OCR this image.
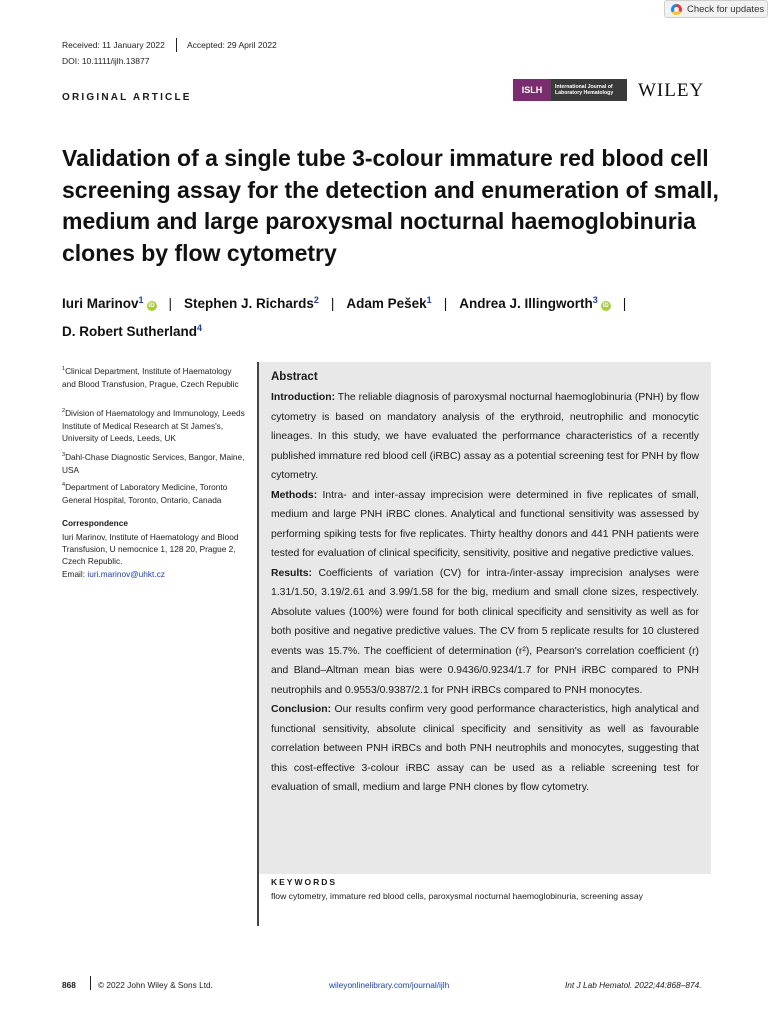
Check for updates
Received: 11 January 2022	Accepted: 29 April 2022
DOI: 10.1111/ijlh.13877
ORIGINAL ARTICLE
ISLH	International Journal of
Laboratory Hematology WILEY
Validation of a single tube 3-colour immature red blood cell screening assay for the detection and enumeration of small, medium and large paroxysmal nocturnal haemoglobinuria clones by flow cytometry
Iuri Marinov$^1$iD | Stephen J. Richards$^2$ | Adam Pešek$^1$ | Andrea J. Illingworth$^3$iD |
D. Robert Sutherland$^4$
$^1$Clinical Department, Institute of Haematology and Blood Transfusion, Prague, Czech Republic
$^2$Division of Haematology and Immunology, Leeds Institute of Medical Research at St James's, University of Leeds, Leeds, UK
$^3$Dahl-Chase Diagnostic Services, Bangor, Maine, USA
$^4$Department of Laboratory Medicine, Toronto General Hospital, Toronto, Ontario, Canada
Correspondence
Iuri Marinov, Institute of Haematology and Blood Transfusion, U nemocnice 1, 128 20, Prague 2, Czech Republic.
Email: iuri.marinov@uhkt.cz
Abstract

Introduction: The reliable diagnosis of paroxysmal nocturnal haemoglobinuria (PNH) by flow cytometry is based on mandatory analysis of the erythroid, neutrophilic and monocytic lineages. In this study, we have evaluated the performance characteristics of a recently published immature red blood cell (iRBC) assay as a potential screening test for PNH by flow cytometry.

Methods: Intra- and inter-assay imprecision were determined in five replicates of small, medium and large PNH iRBC clones. Analytical and functional sensitivity was assessed by performing spiking tests for five replicates. Thirty healthy donors and 441 PNH patients were tested for evaluation of clinical specificity, sensitivity, positive and negative predictive values.

Results: Coefficients of variation (CV) for intra-/inter-assay imprecision analyses were 1.31/1.50, 3.19/2.61 and 3.99/1.58 for the big, medium and small clone sizes, respectively. Absolute values (100%) were found for both clinical specificity and sensitivity as well as for both positive and negative predictive values. The CV from 5 replicate results for 10 clustered events was 15.7%. The coefficient of determination (r²), Pearson's correlation coefficient (r) and Bland–Altman mean bias were 0.9436/0.9234/1.7 for PNH iRBC compared to PNH neutrophils and 0.9553/0.9387/2.1 for PNH iRBCs compared to PNH monocytes.

Conclusion: Our results confirm very good performance characteristics, high analytical and functional sensitivity, absolute clinical specificity and sensitivity as well as favourable correlation between PNH iRBCs and both PNH neutrophils and monocytes, suggesting that this cost-effective 3-colour iRBC assay can be used as a reliable screening test for evaluation of small, medium and large PNH clones by flow cytometry.

KEYWORDS
flow cytometry, immature red blood cells, paroxysmal nocturnal haemoglobinuria, screening assay
868	© 2022 John Wiley & Sons Ltd.	wileyonlinelibrary.com/journal/ijlh	Int J Lab Hematol. 2022;44:868–874.
